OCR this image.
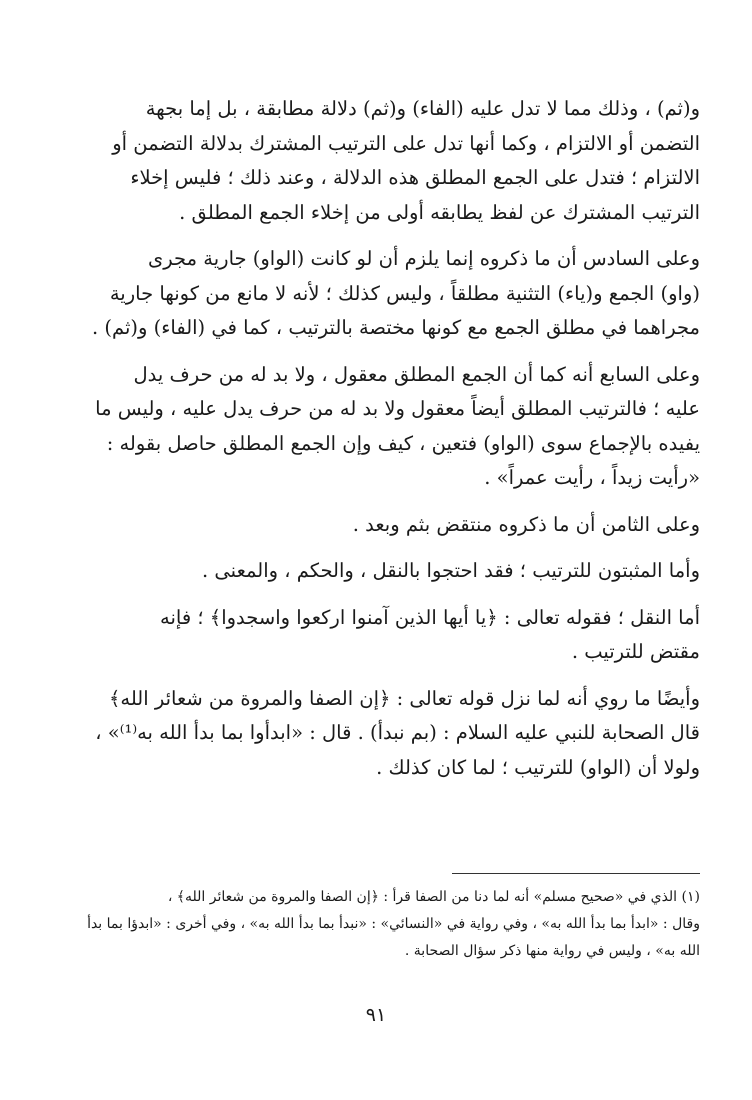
و(ثم) ، وذلك مما لا تدل عليه (الفاء) و(ثم) دلالة مطابقة ، بل إما بجهة

التضمن أو الالتزام ، وكما أنها تدل على الترتيب المشترك بدلالة التضمن أو

الالتزام ؛ فتدل على الجمع المطلق هذه الدلالة ، وعند ذلك ؛ فليس إخلاء

الترتيب المشترك عن لفظ يطابقه أولى من إخلاء الجمع المطلق .

وعلى السادس أن ما ذكروه إنما يلزم أن لو كانت (الواو) جارية مجرى

(واو) الجمع و(ياء) التثنية مطلقاً ، وليس كذلك ؛ لأنه لا مانع من كونها جارية

مجراهما في مطلق الجمع مع كونها مختصة بالترتيب ، كما في (الفاء) و(ثم) .

وعلى السابع أنه كما أن الجمع المطلق معقول ، ولا بد له من حرف يدل

عليه ؛ فالترتيب المطلق أيضاً معقول ولا بد له من حرف يدل عليه ، وليس ما

يفيده بالإجماع سوى (الواو) فتعين ، كيف وإن الجمع المطلق حاصل بقوله :

«رأيت زيداً ، رأيت عمراً» .

وعلى الثامن أن ما ذكروه منتقض بثم وبعد .

وأما المثبتون للترتيب ؛ فقد احتجوا بالنقل ، والحكم ، والمعنى .

أما النقل ؛ فقوله تعالى : ﴿يا أيها الذين آمنوا اركعوا واسجدوا﴾ ؛ فإنه

مقتض للترتيب .

وأيضًا ما روي أنه لما نزل قوله تعالى : ﴿إن الصفا والمروة من شعائر الله﴾

قال الصحابة للنبي عليه السلام : (بم نبدأ) . قال : «ابدأوا بما بدأ الله به⁽¹⁾» ،

ولولا أن (الواو) للترتيب ؛ لما كان كذلك .

(١) الذي في «صحيح مسلم» أنه لما دنا من الصفا قرأ : ﴿إن الصفا والمروة من شعائر الله﴾ ،

وقال : «ابدأ بما بدأ الله به» ، وفي رواية في «النسائي» : «نبدأ بما بدأ الله به» ، وفي أخرى : «ابدؤا بما بدأ

الله به» ، وليس في رواية منها ذكر سؤال الصحابة .

٩١
